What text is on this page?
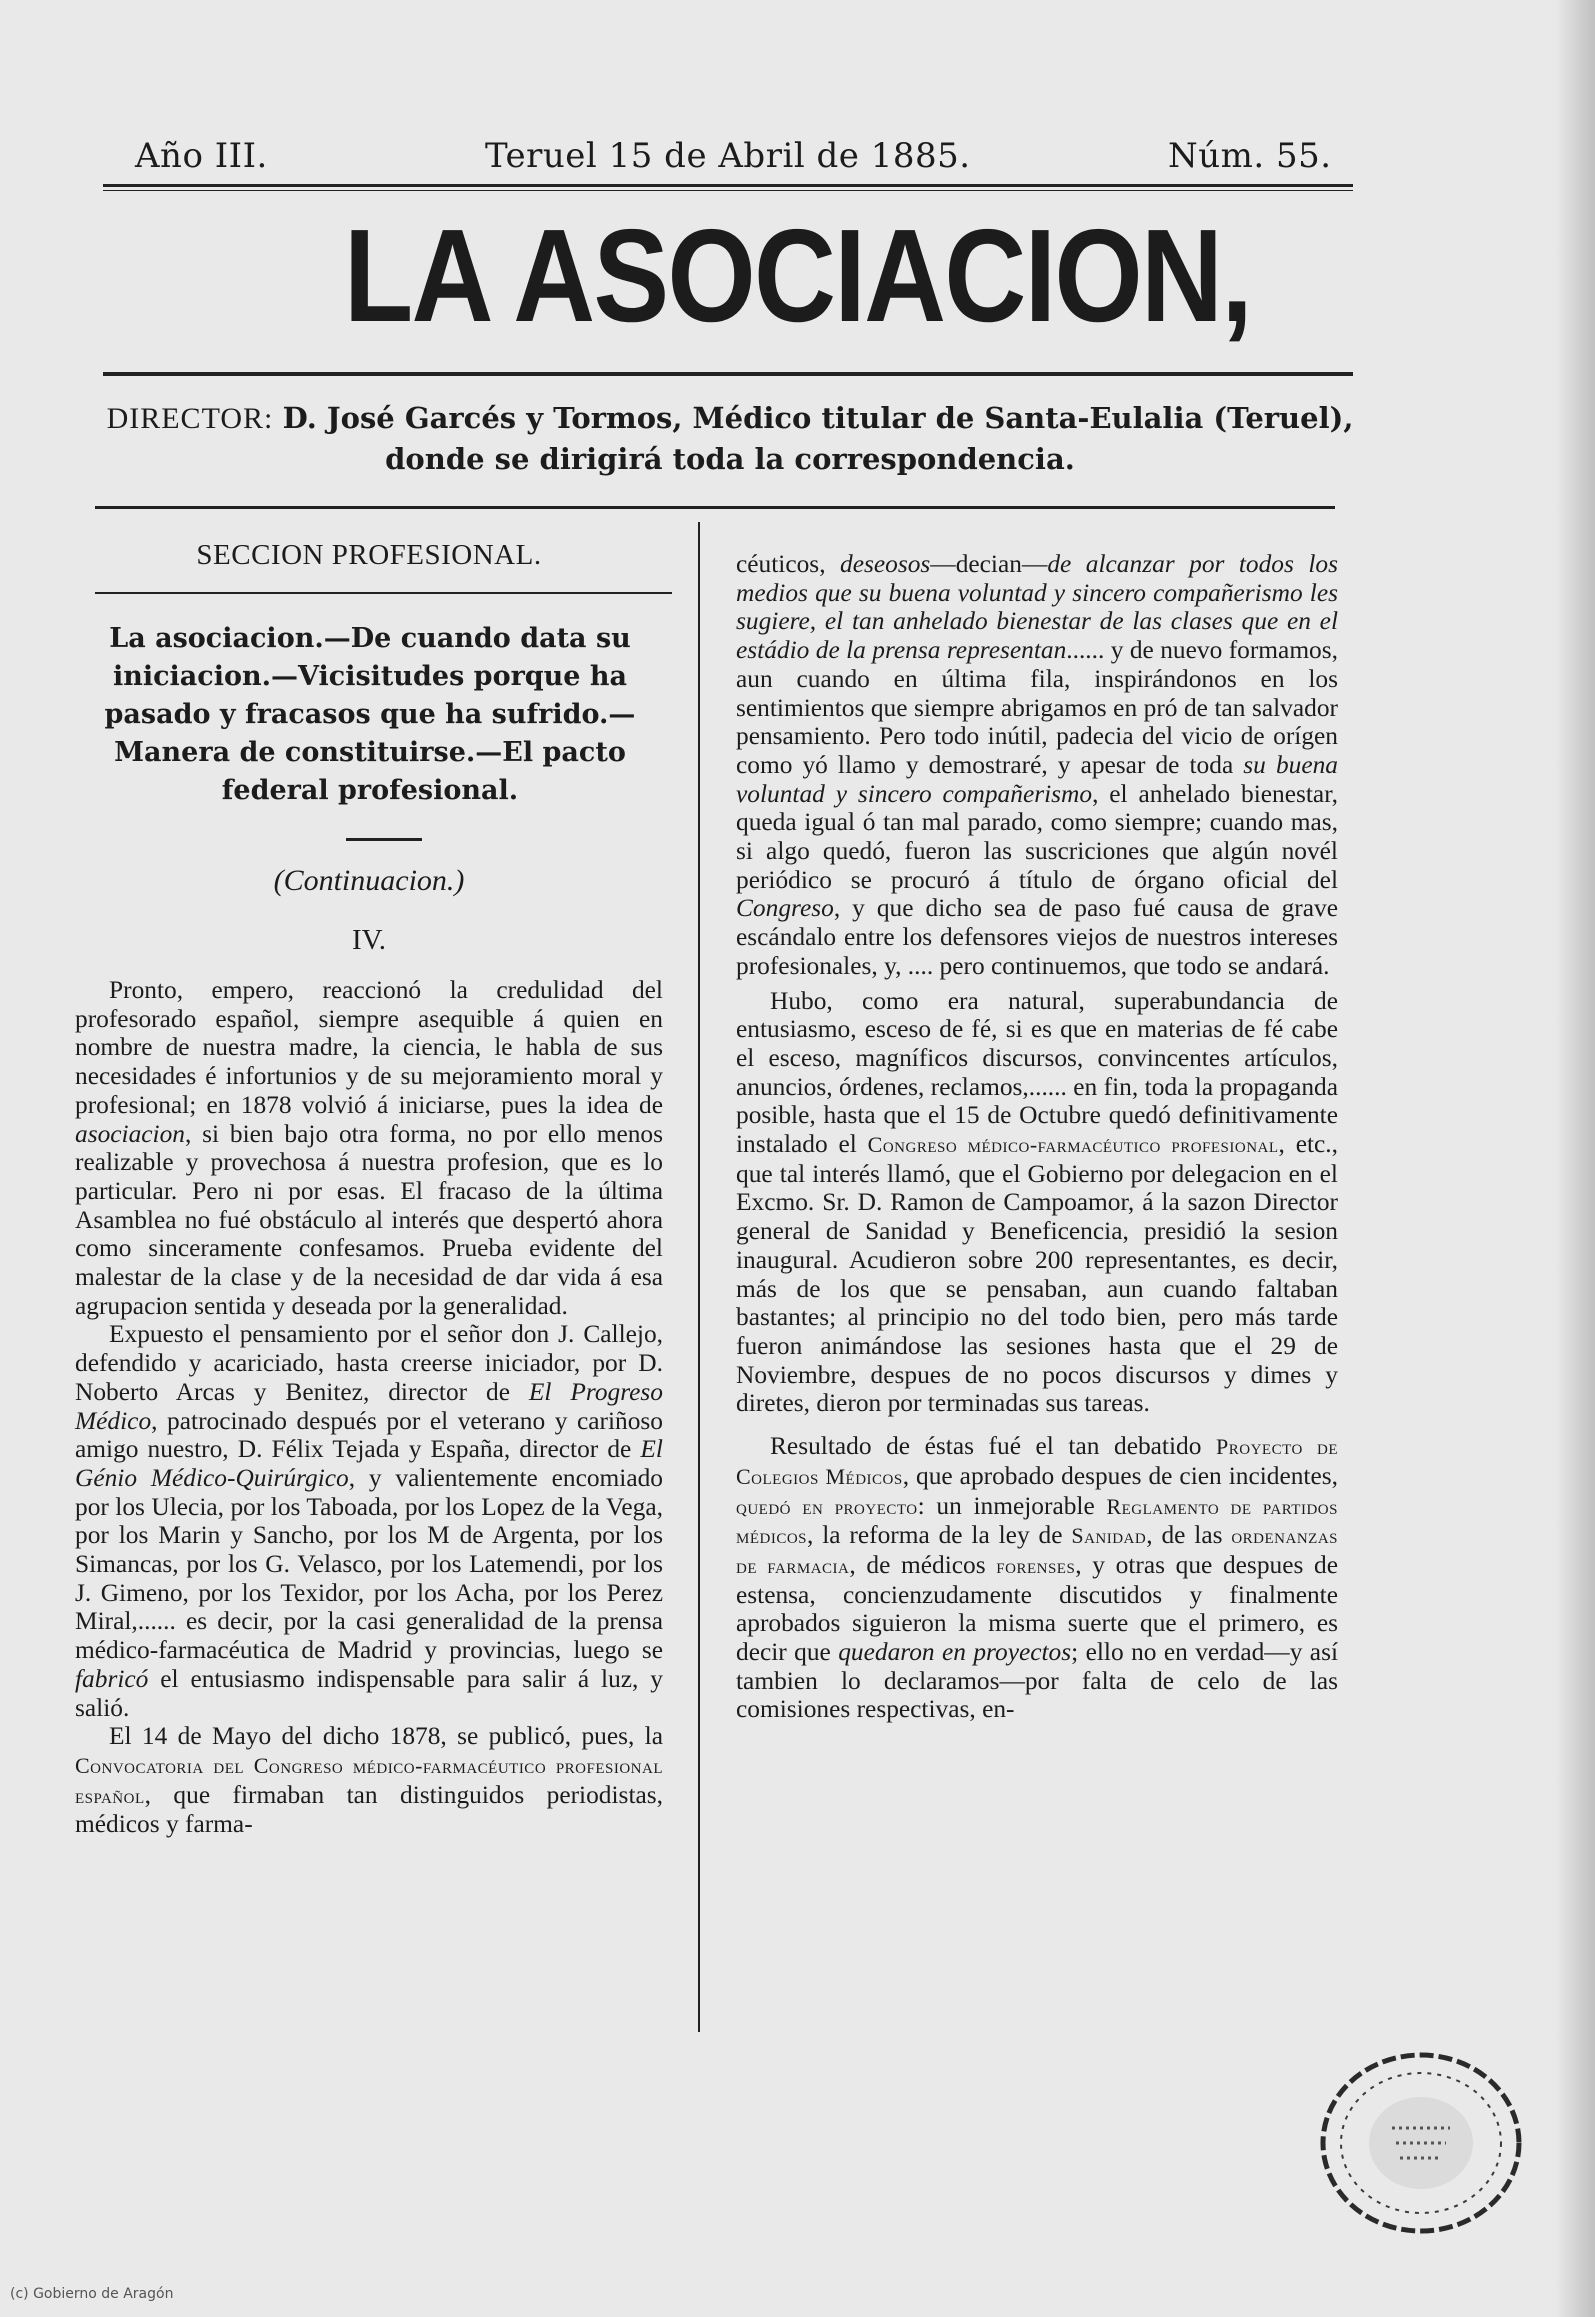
Año III.	Teruel 15 de Abril de 1885.	Núm. 55.
LA ASOCIACION,
DIRECTOR: D. José Garcés y Tormos, Médico titular de Santa-Eulalia (Teruel),
donde se dirigirá toda la correspondencia.
SECCION PROFESIONAL.
La asociacion.—De cuando data su iniciacion.—Vicisitudes porque ha pasado y fracasos que ha sufrido.—Manera de constituirse.—El pacto federal profesional.
(Continuacion.)
IV.

Pronto, empero, reaccionó la credulidad del profesorado español, siempre asequible á quien en nombre de nuestra madre, la ciencia, le habla de sus necesidades é infortunios y de su mejoramiento moral y profesional; en 1878 volvió á iniciarse, pues la idea de asociacion, si bien bajo otra forma, no por ello menos realizable y provechosa á nuestra profesion, que es lo particular. Pero ni por esas. El fracaso de la última Asamblea no fué obstáculo al interés que despertó ahora como sinceramente confesamos. Prueba evidente del malestar de la clase y de la necesidad de dar vida á esa agrupacion sentida y deseada por la generalidad.

Expuesto el pensamiento por el señor don J. Callejo, defendido y acariciado, hasta creerse iniciador, por D. Noberto Arcas y Benitez, director de El Progreso Médico, patrocinado después por el veterano y cariñoso amigo nuestro, D. Félix Tejada y España, director de El Génio Médico-Quirúrgico, y valientemente encomiado por los Ulecia, por los Taboada, por los Lopez de la Vega, por los Marin y Sancho, por los M de Argenta, por los Simancas, por los G. Velasco, por los Latemendi, por los J. Gimeno, por los Texidor, por los Acha, por los Perez Miral,...... es decir, por la casi generalidad de la prensa médico-farmacéutica de Madrid y provincias, luego se fabricó el entusiasmo indispensable para salir á luz, y salió.

El 14 de Mayo del dicho 1878, se publicó, pues, la Convocatoria del Congreso médico-farmacéutico profesional español, que firmaban tan distinguidos periodistas, médicos y farma-

céuticos, deseosos—decian—de alcanzar por todos los medios que su buena voluntad y sincero compañerismo les sugiere, el tan anhelado bienestar de las clases que en el estádio de la prensa representan...... y de nuevo formamos, aun cuando en última fila, inspirándonos en los sentimientos que siempre abrigamos en pró de tan salvador pensamiento. Pero todo inútil, padecia del vicio de orígen como yó llamo y demostraré, y apesar de toda su buena voluntad y sincero compañerismo, el anhelado bienestar, queda igual ó tan mal parado, como siempre; cuando mas, si algo quedó, fueron las suscriciones que algún novél periódico se procuró á título de órgano oficial del Congreso, y que dicho sea de paso fué causa de grave escándalo entre los defensores viejos de nuestros intereses profesionales, y, .... pero continuemos, que todo se andará.

Hubo, como era natural, superabundancia de entusiasmo, esceso de fé, si es que en materias de fé cabe el esceso, magníficos discursos, convincentes artículos, anuncios, órdenes, reclamos,...... en fin, toda la propaganda posible, hasta que el 15 de Octubre quedó definitivamente instalado el Congreso médico-farmacéutico profesional, etc., que tal interés llamó, que el Gobierno por delegacion en el Excmo. Sr. D. Ramon de Campoamor, á la sazon Director general de Sanidad y Beneficencia, presidió la sesion inaugural. Acudieron sobre 200 representantes, es decir, más de los que se pensaban, aun cuando faltaban bastantes; al principio no del todo bien, pero más tarde fueron animándose las sesiones hasta que el 29 de Noviembre, despues de no pocos discursos y dimes y diretes, dieron por terminadas sus tareas.

Resultado de éstas fué el tan debatido Proyecto de Colegios Médicos, que aprobado despues de cien incidentes, quedó en proyecto: un inmejorable Reglamento de partidos médicos, la reforma de la ley de Sanidad, de las ordenanzas de farmacia, de médicos forenses, y otras que despues de estensa, concienzudamente discutidos y finalmente aprobados siguieron la misma suerte que el primero, es decir que quedaron en proyectos; ello no en verdad—y así tambien lo declaramos—por falta de celo de las comisiones respectivas, en-

(c) Gobierno de Aragón
